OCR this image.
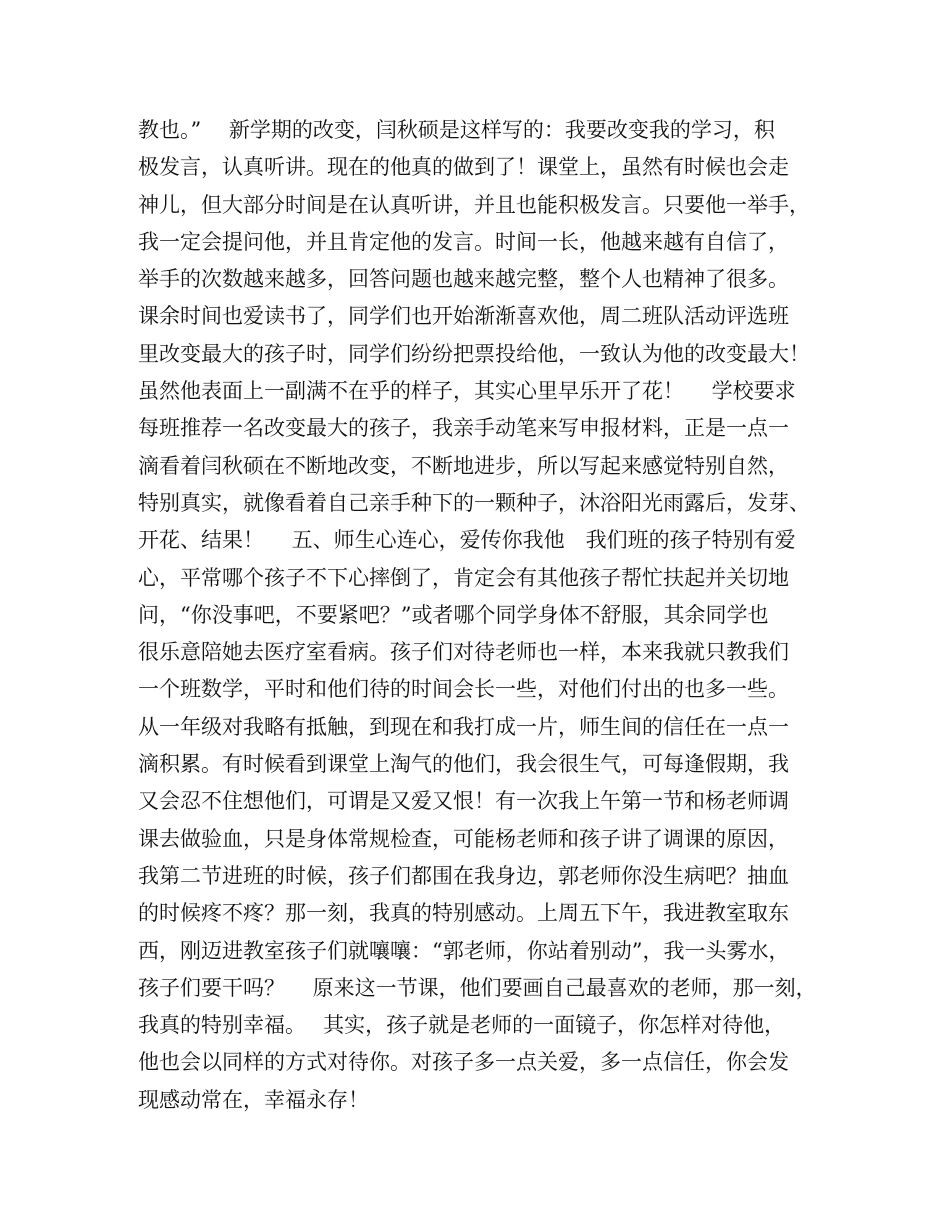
教也。”　 新学期的改变，闫秋硕是这样写的：我要改变我的学习，积
极发言，认真听讲。现在的他真的做到了！课堂上，虽然有时候也会走
神儿，但大部分时间是在认真听讲，并且也能积极发言。只要他一举手，
我一定会提问他，并且肯定他的发言。时间一长，他越来越有自信了，
举手的次数越来越多，回答问题也越来越完整，整个人也精神了很多。
课余时间也爱读书了，同学们也开始渐渐喜欢他，周二班队活动评选班
里改变最大的孩子时，同学们纷纷把票投给他，一致认为他的改变最大！
虽然他表面上一副满不在乎的样子，其实心里早乐开了花！　 学校要求
每班推荐一名改变最大的孩子，我亲手动笔来写申报材料，正是一点一
滴看着闫秋硕在不断地改变，不断地进步，所以写起来感觉特别自然，
特别真实，就像看着自己亲手种下的一颗种子，沐浴阳光雨露后，发芽、
开花、结果！　 五、师生心连心，爱传你我他　我们班的孩子特别有爱
心，平常哪个孩子不下心摔倒了，肯定会有其他孩子帮忙扶起并关切地
问，“你没事吧，不要紧吧？”或者哪个同学身体不舒服，其余同学也
很乐意陪她去医疗室看病。孩子们对待老师也一样，本来我就只教我们
一个班数学，平时和他们待的时间会长一些，对他们付出的也多一些。
从一年级对我略有抵触，到现在和我打成一片，师生间的信任在一点一
滴积累。有时候看到课堂上淘气的他们，我会很生气，可每逢假期，我
又会忍不住想他们，可谓是又爱又恨！有一次我上午第一节和杨老师调
课去做验血，只是身体常规检查，可能杨老师和孩子讲了调课的原因，
我第二节进班的时候，孩子们都围在我身边，郭老师你没生病吧？抽血
的时候疼不疼？那一刻，我真的特别感动。上周五下午，我进教室取东
西，刚迈进教室孩子们就嚷嚷：“郭老师，你站着别动”，我一头雾水，
孩子们要干吗？　 原来这一节课，他们要画自己最喜欢的老师，那一刻，
我真的特别幸福。　 其实，孩子就是老师的一面镜子，你怎样对待他，
他也会以同样的方式对待你。对孩子多一点关爱，多一点信任，你会发
现感动常在，幸福永存！
